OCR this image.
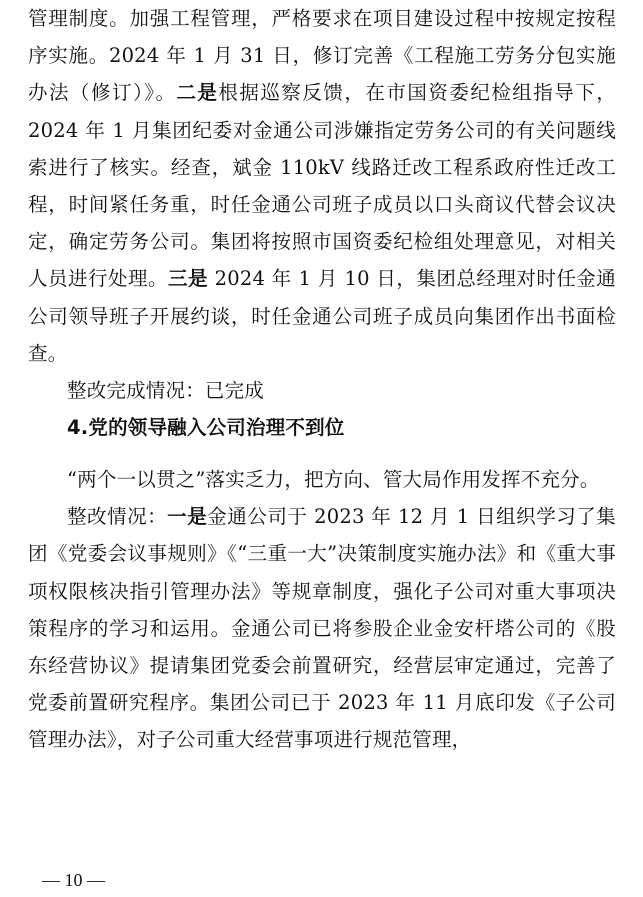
管理制度。加强工程管理，严格要求在项目建设过程中按规定按程序实施。2024 年 1 月 31 日，修订完善《工程施工劳务分包实施办法（修订）》。二是根据巡察反馈，在市国资委纪检组指导下，2024 年 1 月集团纪委对金通公司涉嫌指定劳务公司的有关问题线索进行了核实。经查，斌金 110kV 线路迁改工程系政府性迁改工程，时间紧任务重，时任金通公司班子成员以口头商议代替会议决定，确定劳务公司。集团将按照市国资委纪检组处理意见，对相关人员进行处理。三是 2024 年 1 月 10 日，集团总经理对时任金通公司领导班子开展约谈，时任金通公司班子成员向集团作出书面检查。

整改完成情况：已完成

4.党的领导融入公司治理不到位

“两个一以贯之”落实乏力，把方向、管大局作用发挥不充分。

整改情况：一是金通公司于 2023 年 12 月 1 日组织学习了集团《党委会议事规则》《“三重一大”决策制度实施办法》和《重大事项权限核决指引管理办法》等规章制度，强化子公司对重大事项决策程序的学习和运用。金通公司已将参股企业金安杆塔公司的《股东经营协议》提请集团党委会前置研究，经营层审定通过，完善了党委前置研究程序。集团公司已于 2023 年 11 月底印发《子公司管理办法》，对子公司重大经营事项进行规范管理，

— 10 —
